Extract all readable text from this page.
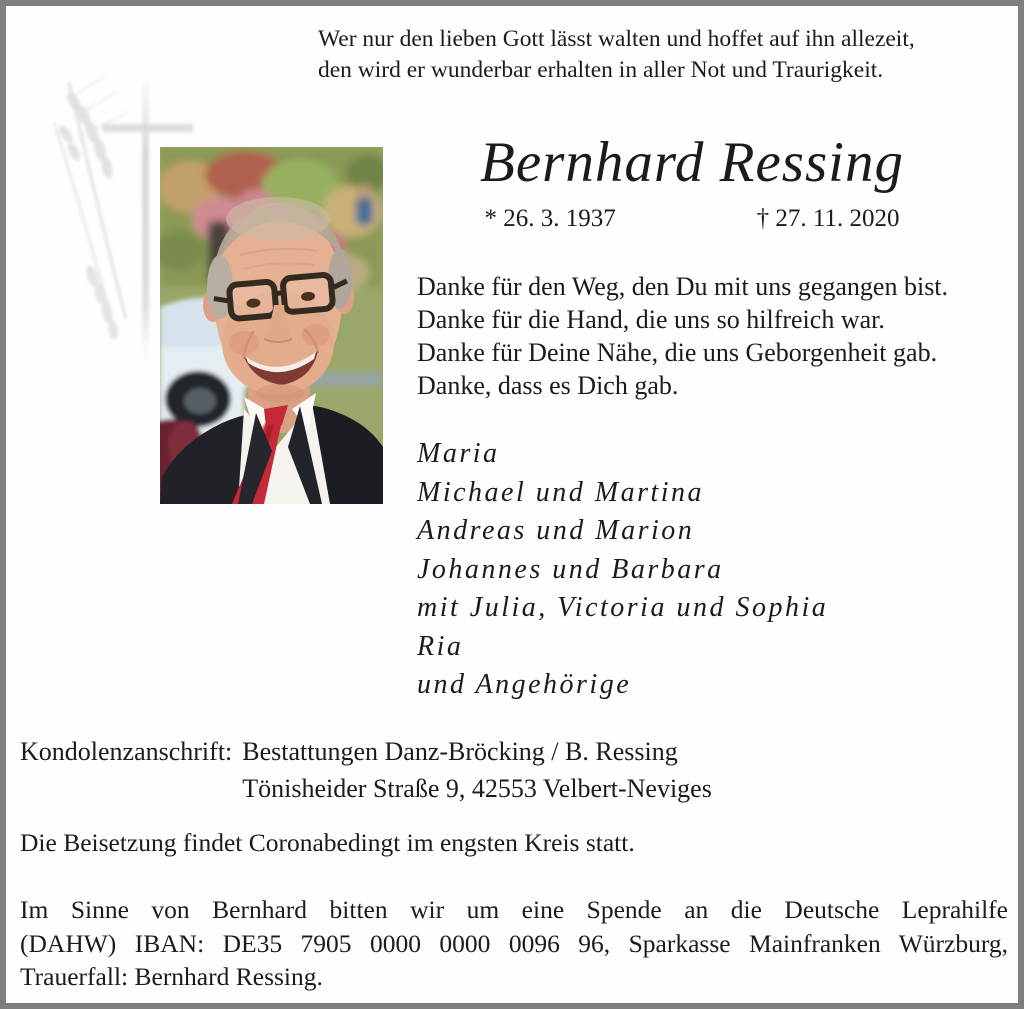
Wer nur den lieben Gott lässt walten und hoffet auf ihn allezeit,
den wird er wunderbar erhalten in aller Not und Traurigkeit.
Bernhard Ressing
* 26. 3. 1937	† 27. 11. 2020
Danke für den Weg, den Du mit uns gegangen bist.
Danke für die Hand, die uns so hilfreich war.
Danke für Deine Nähe, die uns Geborgenheit gab.
Danke, dass es Dich gab.
Maria
Michael und Martina
Andreas und Marion
Johannes und Barbara
mit Julia, Victoria und Sophia
Ria
und Angehörige
Kondolenzanschrift: Bestattungen Danz-Bröcking / B. Ressing
Tönisheider Straße 9, 42553 Velbert-Neviges
Die Beisetzung findet Coronabedingt im engsten Kreis statt.
Im Sinne von Bernhard bitten wir um eine Spende an die Deutsche Leprahilfe
(DAHW) IBAN: DE35 7905 0000 0000 0096 96, Sparkasse Mainfranken Würzburg,
Trauerfall: Bernhard Ressing.
